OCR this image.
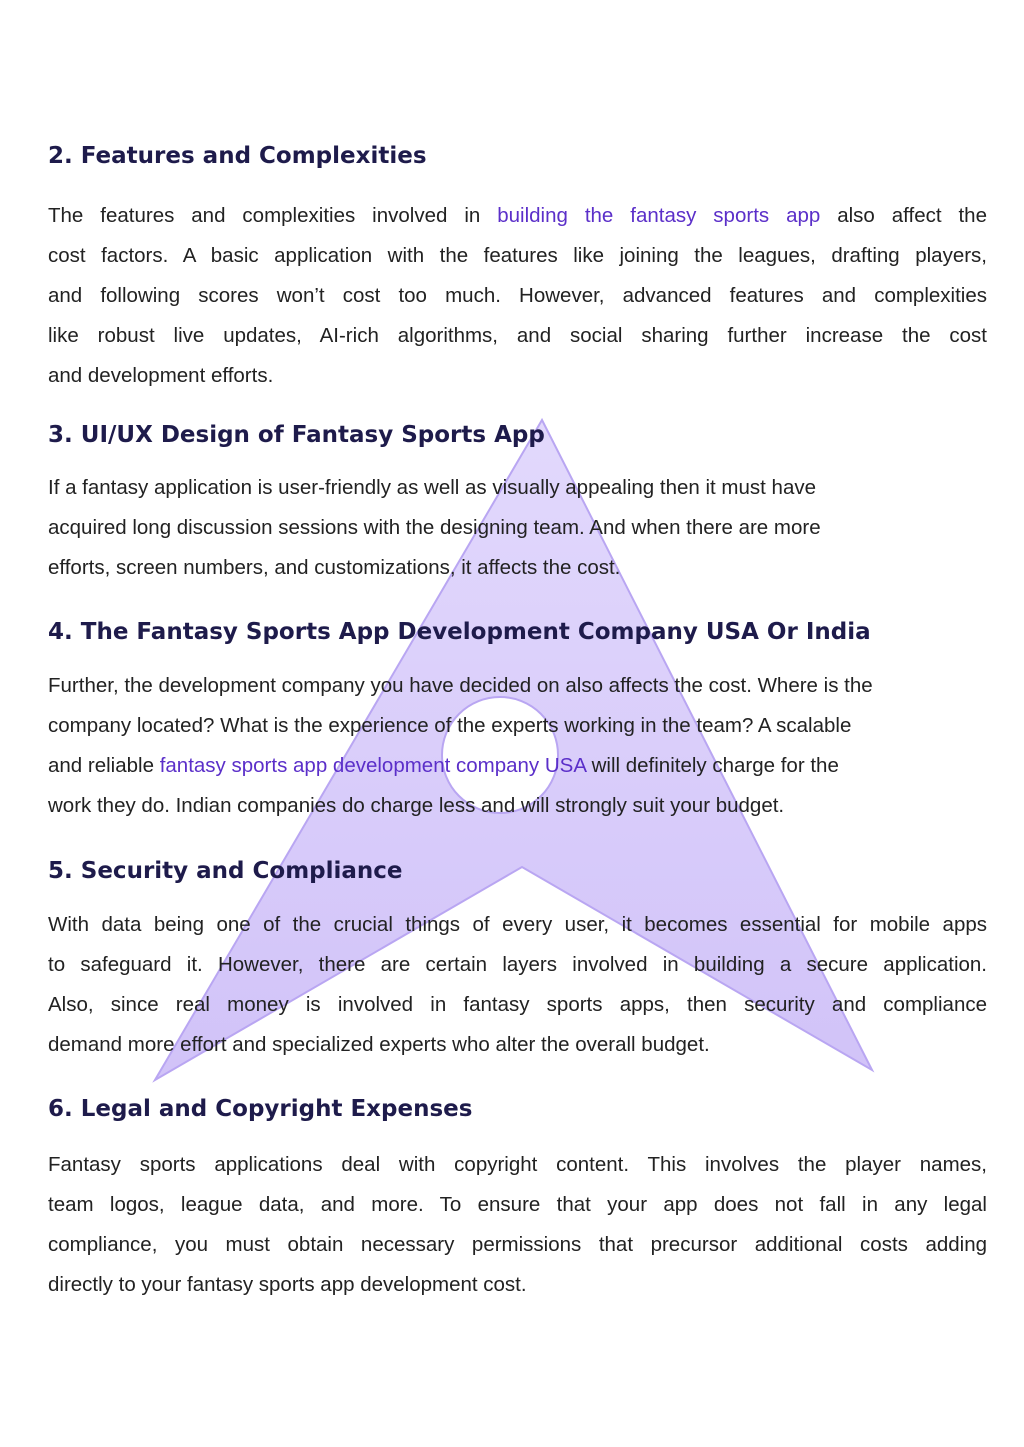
2. Features and Complexities

The features and complexities involved in building the fantasy sports app also affect the
cost factors. A basic application with the features like joining the leagues, drafting players,
and following scores won’t cost too much. However, advanced features and complexities
like robust live updates, AI-rich algorithms, and social sharing further increase the cost
and development efforts.

3. UI/UX Design of Fantasy Sports App

If a fantasy application is user-friendly as well as visually appealing then it must have
acquired long discussion sessions with the designing team. And when there are more
efforts, screen numbers, and customizations, it affects the cost.

4. The Fantasy Sports App Development Company USA Or India

Further, the development company you have decided on also affects the cost. Where is the
company located? What is the experience of the experts working in the team? A scalable
and reliable fantasy sports app development company USA will definitely charge for the
work they do. Indian companies do charge less and will strongly suit your budget.

5. Security and Compliance

With data being one of the crucial things of every user, it becomes essential for mobile apps
to safeguard it. However, there are certain layers involved in building a secure application.
Also, since real money is involved in fantasy sports apps, then security and compliance
demand more effort and specialized experts who alter the overall budget.

6. Legal and Copyright Expenses

Fantasy sports applications deal with copyright content. This involves the player names,
team logos, league data, and more. To ensure that your app does not fall in any legal
compliance, you must obtain necessary permissions that precursor additional costs adding
directly to your fantasy sports app development cost.
